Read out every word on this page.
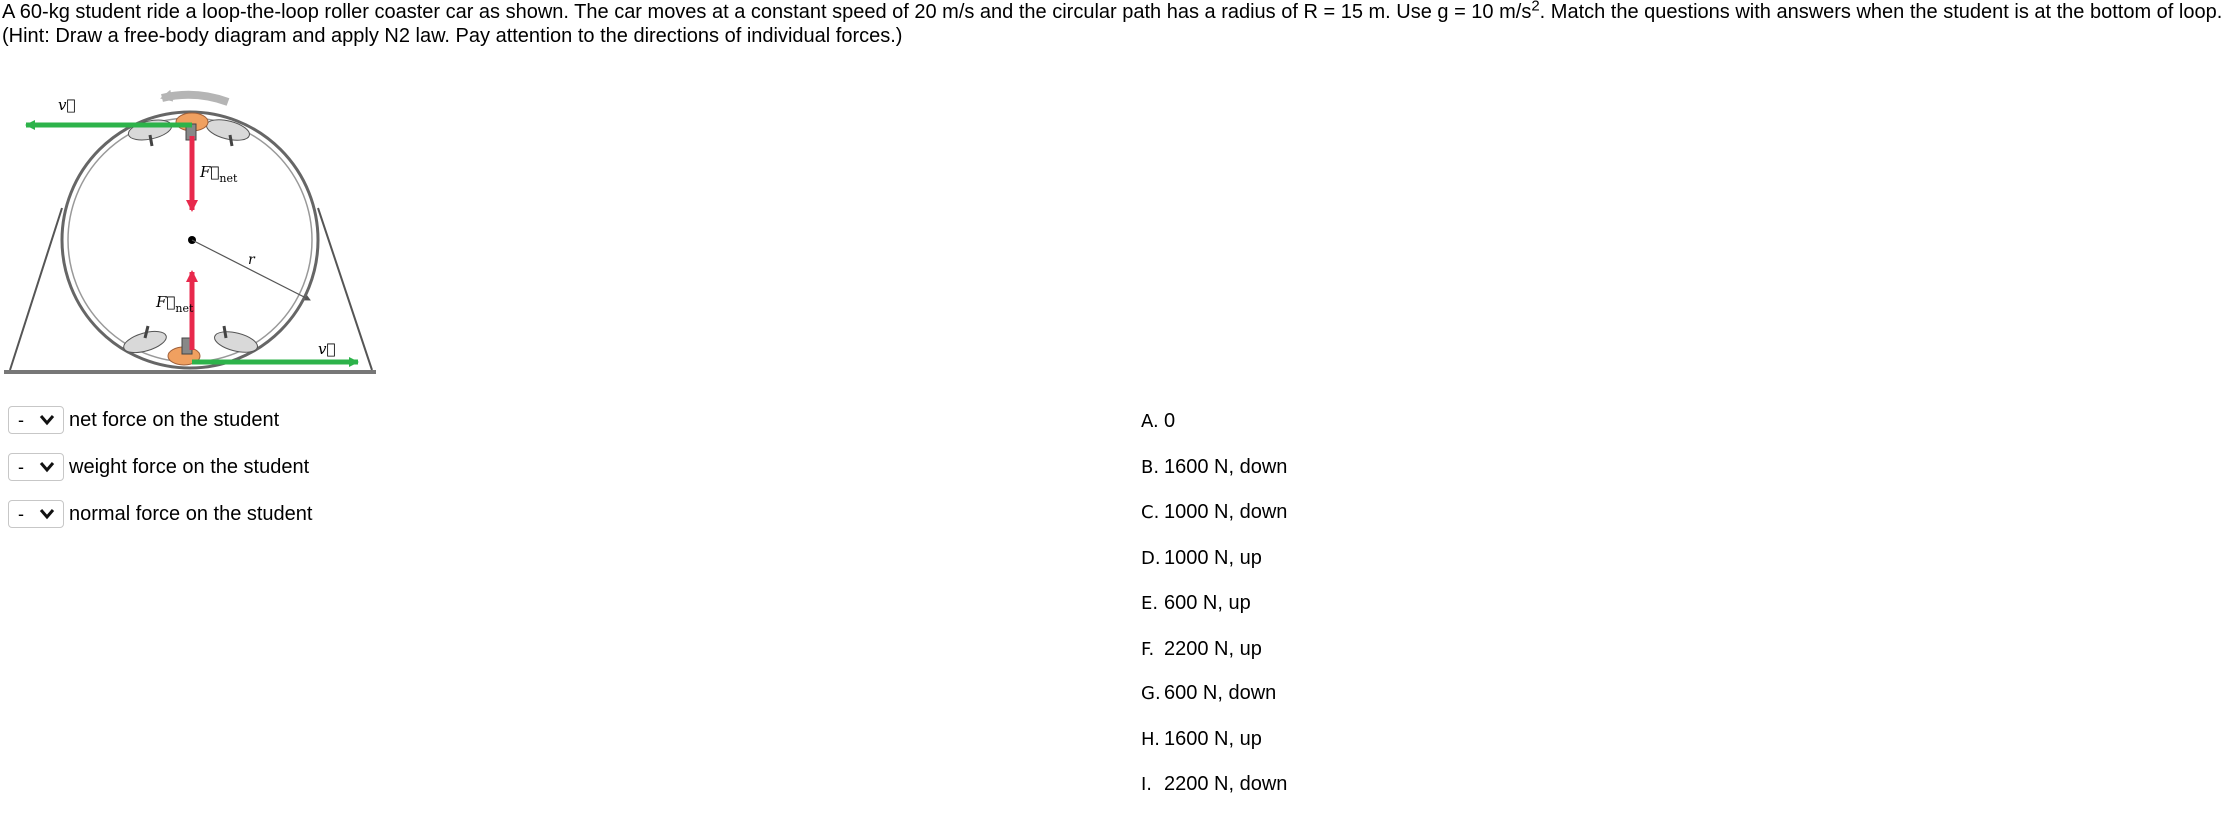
A 60-kg student ride a loop-the-loop roller coaster car as shown. The car moves at a constant speed of 20 m/s and the circular path has a radius of R = 15 m. Use g = 10 $m/s^2$. Match the questions with answers when the student is at the bottom of loop.
(Hint: Draw a free-body diagram and apply N2 law. Pay attention to the directions of individual forces.)
v⃗
v⃗
$F⃗_{net}$
$F⃗_{net}$
r
- net force on the student
- weight force on the student
- normal force on the student
A. 0
B. 1600 N, down
C. 1000 N, down
D. 1000 N, up
E. 600 N, up
F. 2200 N, up
G. 600 N, down
H. 1600 N, up
I. 2200 N, down
